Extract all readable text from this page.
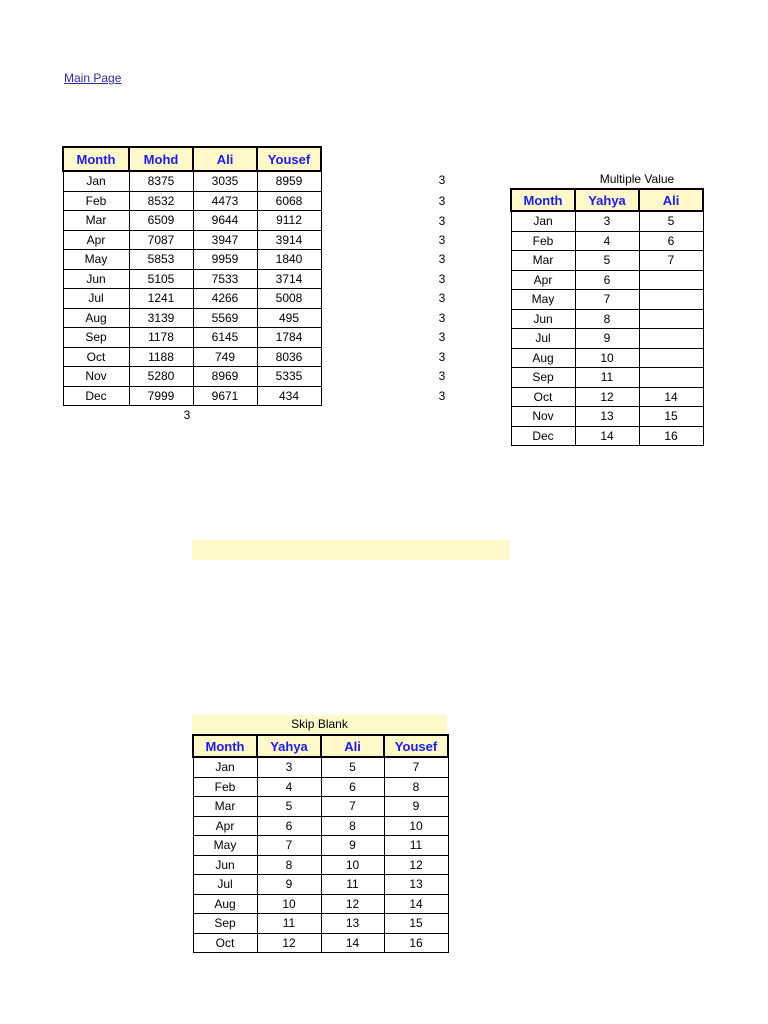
Main Page
Month	Mohd	Ali	Yousef
Jan	8375	3035	8959
Feb	8532	4473	6068
Mar	6509	9644	9112
Apr	7087	3947	3914
May	5853	9959	1840
Jun	5105	7533	3714
Jul	1241	4266	5008
Aug	3139	5569	495
Sep	1178	6145	1784
Oct	1188	749	8036
Nov	5280	8969	5335
Dec	7999	9671	434
3
3
3
3
3
3
3
3
3
3
3
3
3
Multiple Value
Month	Yahya	Ali
Jan	3	5
Feb	4	6
Mar	5	7
Apr	6	
May	7	
Jun	8	
Jul	9	
Aug	10	
Sep	11	
Oct	12	14
Nov	13	15
Dec	14	16
Skip Blank
Month	Yahya	Ali	Yousef
Jan	3	5	7
Feb	4	6	8
Mar	5	7	9
Apr	6	8	10
May	7	9	11
Jun	8	10	12
Jul	9	11	13
Aug	10	12	14
Sep	11	13	15
Oct	12	14	16
